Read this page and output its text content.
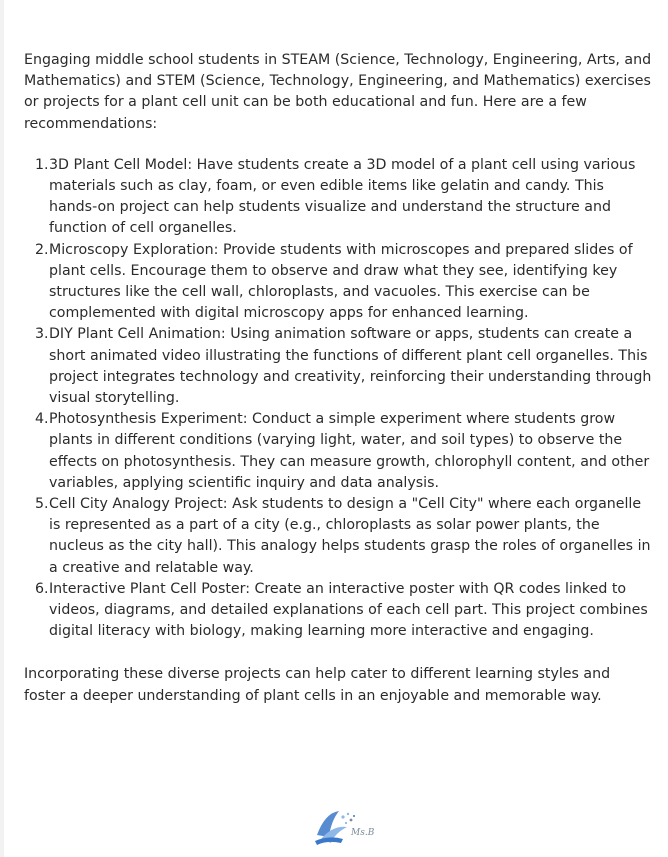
Engaging middle school students in STEAM (Science, Technology, Engineering, Arts, and Mathematics) and STEM (Science, Technology, Engineering, and Mathematics) exercises or projects for a plant cell unit can be both educational and fun. Here are a few recommendations:

1. 3D Plant Cell Model: Have students create a 3D model of a plant cell using various materials such as clay, foam, or even edible items like gelatin and candy. This hands-on project can help students visualize and understand the structure and function of cell organelles.
2. Microscopy Exploration: Provide students with microscopes and prepared slides of plant cells. Encourage them to observe and draw what they see, identifying key structures like the cell wall, chloroplasts, and vacuoles. This exercise can be complemented with digital microscopy apps for enhanced learning.
3. DIY Plant Cell Animation: Using animation software or apps, students can create a short animated video illustrating the functions of different plant cell organelles. This project integrates technology and creativity, reinforcing their understanding through visual storytelling.
4. Photosynthesis Experiment: Conduct a simple experiment where students grow plants in different conditions (varying light, water, and soil types) to observe the effects on photosynthesis. They can measure growth, chlorophyll content, and other variables, applying scientific inquiry and data analysis.
5. Cell City Analogy Project: Ask students to design a "Cell City" where each organelle is represented as a part of a city (e.g., chloroplasts as solar power plants, the nucleus as the city hall). This analogy helps students grasp the roles of organelles in a creative and relatable way.
6. Interactive Plant Cell Poster: Create an interactive poster with QR codes linked to videos, diagrams, and detailed explanations of each cell part. This project combines digital literacy with biology, making learning more interactive and engaging.

Incorporating these diverse projects can help cater to different learning styles and foster a deeper understanding of plant cells in an enjoyable and memorable way.

Ms.B
